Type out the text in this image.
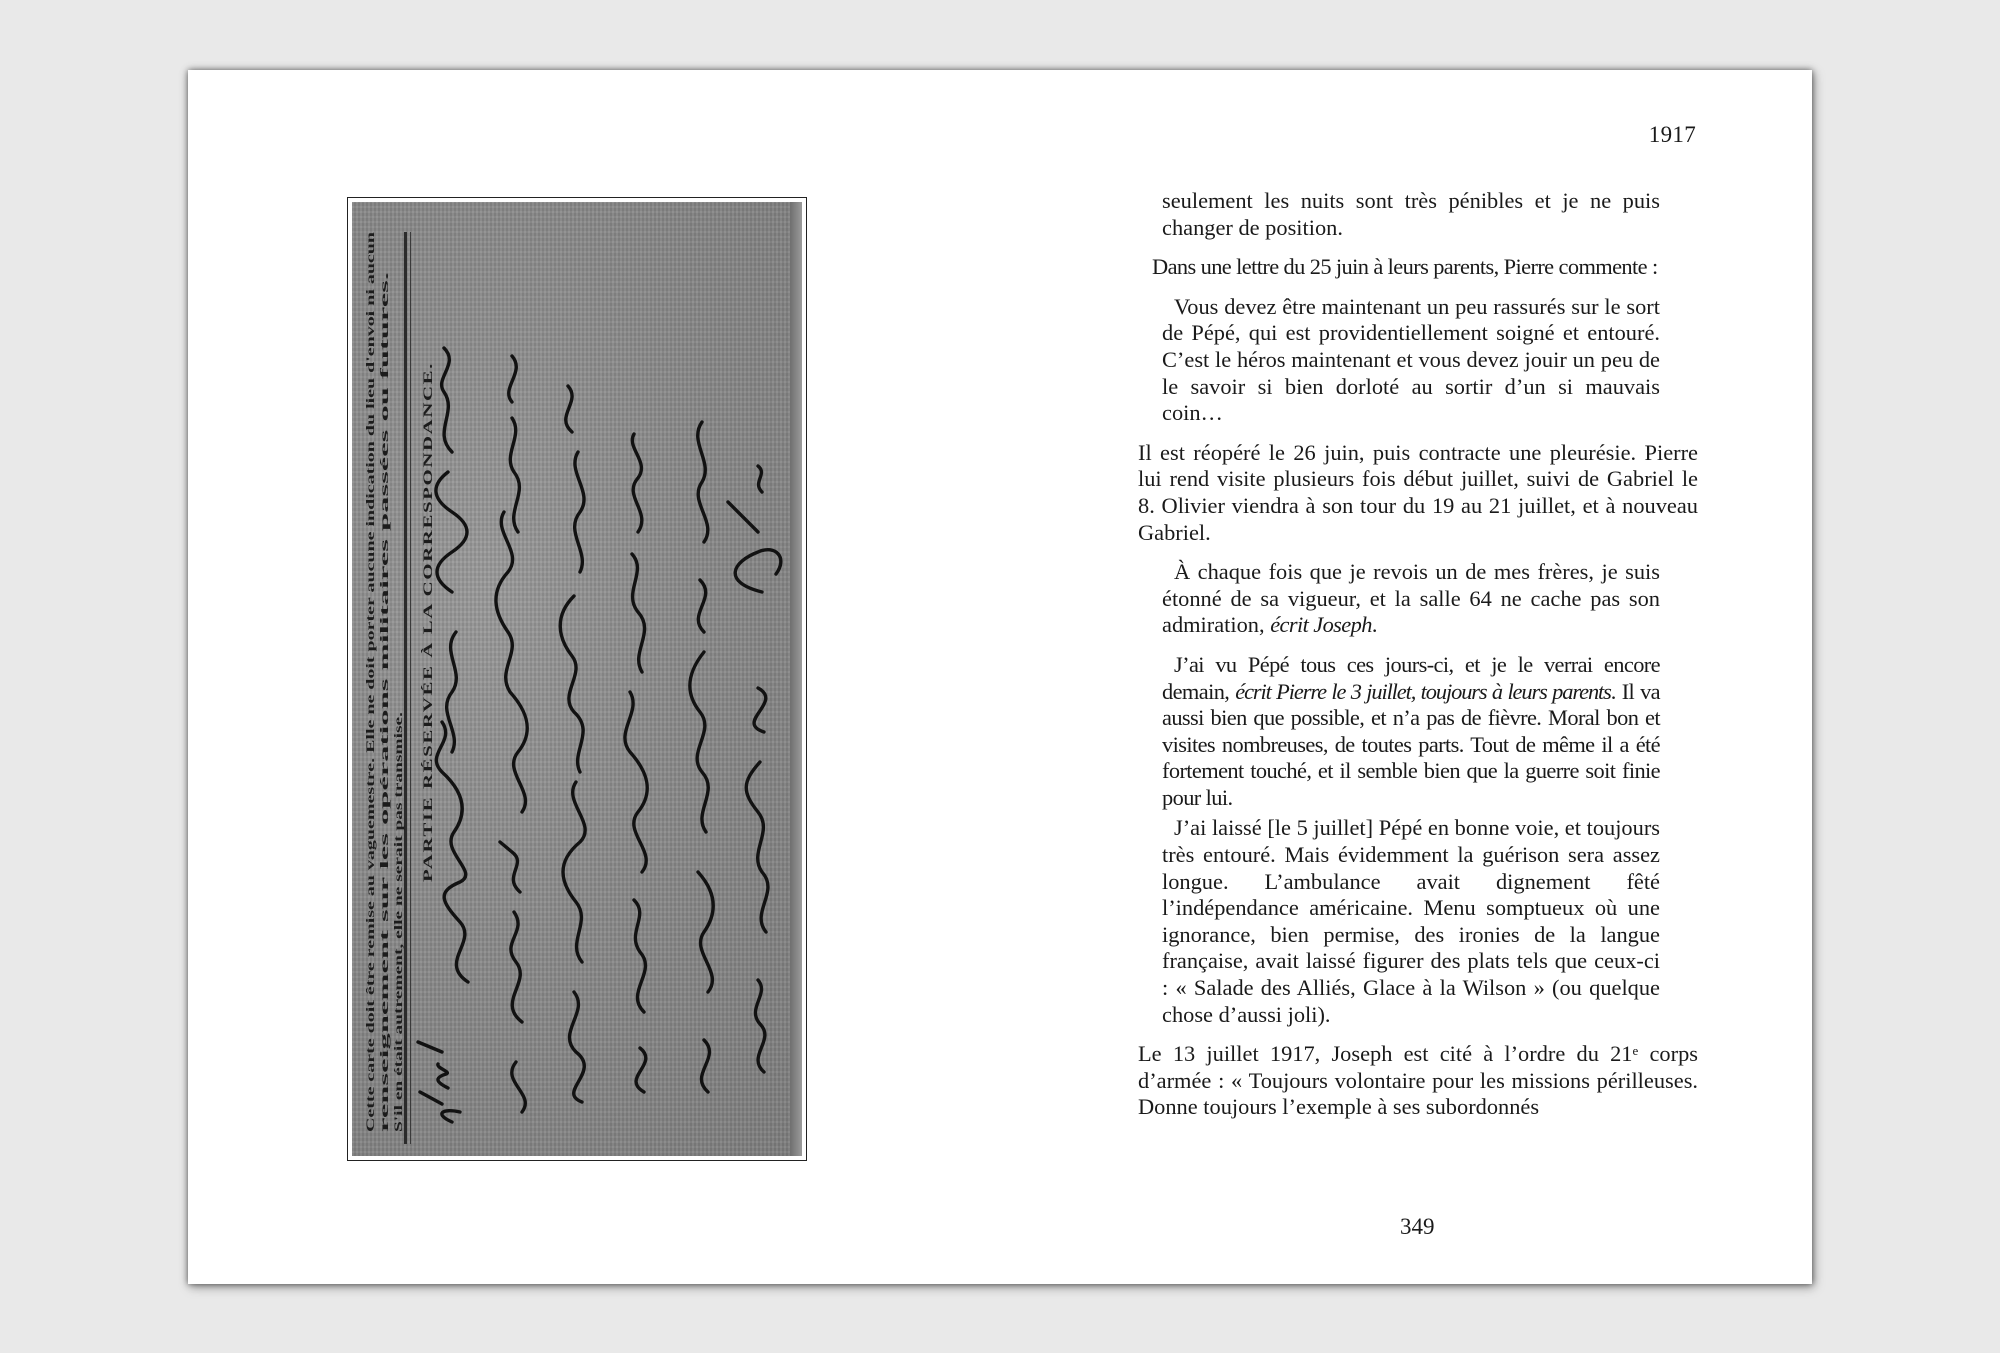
Cette carte doit être remise au vaguemestre. Elle ne doit porter aucune indication du lieu d'envoi ni aucun renseignement sur les opérations militaires passées ou futures. S'il en était autrement, elle ne serait pas transmise.
PARTIE RÉSERVÉE À LA CORRESPONDANCE.
1917

seulement les nuits sont très pénibles et je ne puis
changer de position.

Dans une lettre du 25 juin à leurs parents, Pierre commente :

Vous devez être maintenant un peu rassurés sur le sort de Pépé, qui est providentiellement soigné et entouré. C’est le héros maintenant et vous devez jouir un peu de le savoir si bien dorloté au sortir d’un si mauvais coin…

Il est réopéré le 26 juin, puis contracte une pleurésie. Pierre lui rend visite plusieurs fois début juillet, suivi de Gabriel le 8. Olivier viendra à son tour du 19 au 21 juillet, et à nouveau Gabriel.

À chaque fois que je revois un de mes frères, je suis étonné de sa vigueur, et la salle 64 ne cache pas son admiration, écrit Joseph.

J’ai vu Pépé tous ces jours-ci, et je le verrai encore demain, écrit Pierre le 3 juillet, toujours à leurs parents. Il va aussi bien que possible, et n’a pas de fièvre. Moral bon et visites nombreuses, de toutes parts. Tout de même il a été fortement touché, et il semble bien que la guerre soit finie pour lui.

J’ai laissé [le 5 juillet] Pépé en bonne voie, et toujours très entouré. Mais évidemment la guérison sera assez longue. L’ambulance avait dignement fêté l’indépendance américaine. Menu somptueux où une ignorance, bien permise, des ironies de la langue française, avait laissé figurer des plats tels que ceux-ci : « Salade des Alliés, Glace à la Wilson » (ou quelque chose d’aussi joli).

Le 13 juillet 1917, Joseph est cité à l’ordre du 21e corps d’armée : « Toujours volontaire pour les missions périlleuses. Donne toujours l’exemple à ses subordonnés

349
